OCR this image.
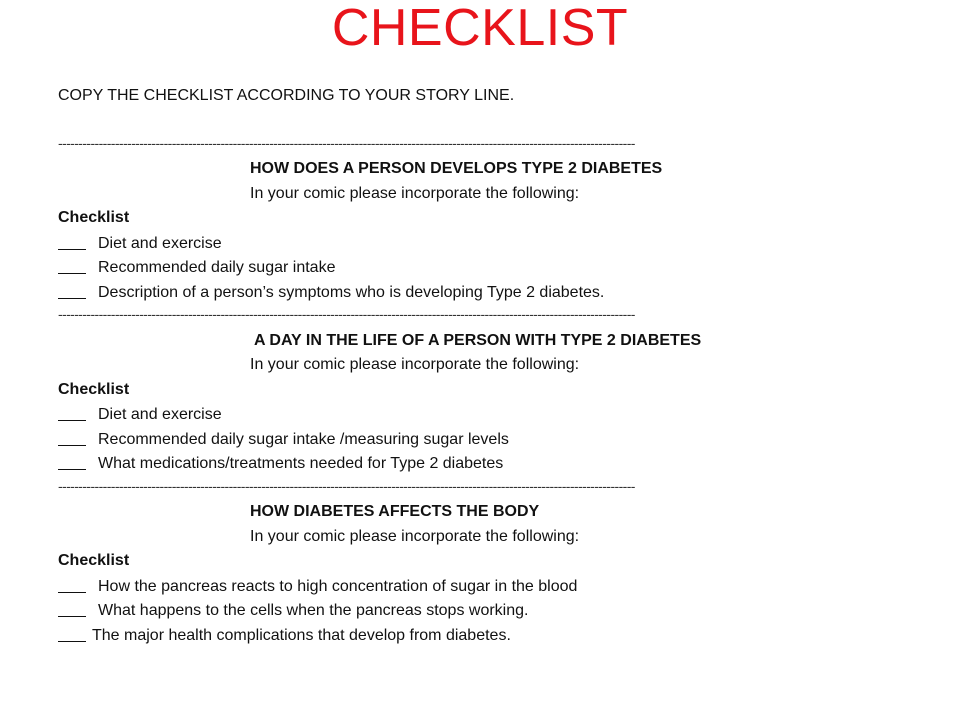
CHECKLIST
COPY THE CHECKLIST ACCORDING TO YOUR STORY LINE.
----------------------------------------------------------------------------------------------------------------------------------------------
HOW DOES A PERSON DEVELOPS TYPE 2 DIABETES
In your comic please incorporate the following:
Checklist
Diet and exercise
Recommended daily sugar intake
Description of a person’s symptoms who is developing Type 2 diabetes.
----------------------------------------------------------------------------------------------------------------------------------------------
A DAY IN THE LIFE OF A PERSON WITH TYPE 2 DIABETES
In your comic please incorporate the following:
Checklist
Diet and exercise
Recommended daily sugar intake /measuring sugar levels
What medications/treatments needed for Type 2 diabetes
----------------------------------------------------------------------------------------------------------------------------------------------
HOW DIABETES AFFECTS THE BODY
In your comic please incorporate the following:
Checklist
How the pancreas reacts to high concentration of sugar in the blood
What happens to the cells when the pancreas stops working.
The major health complications that develop from diabetes.
